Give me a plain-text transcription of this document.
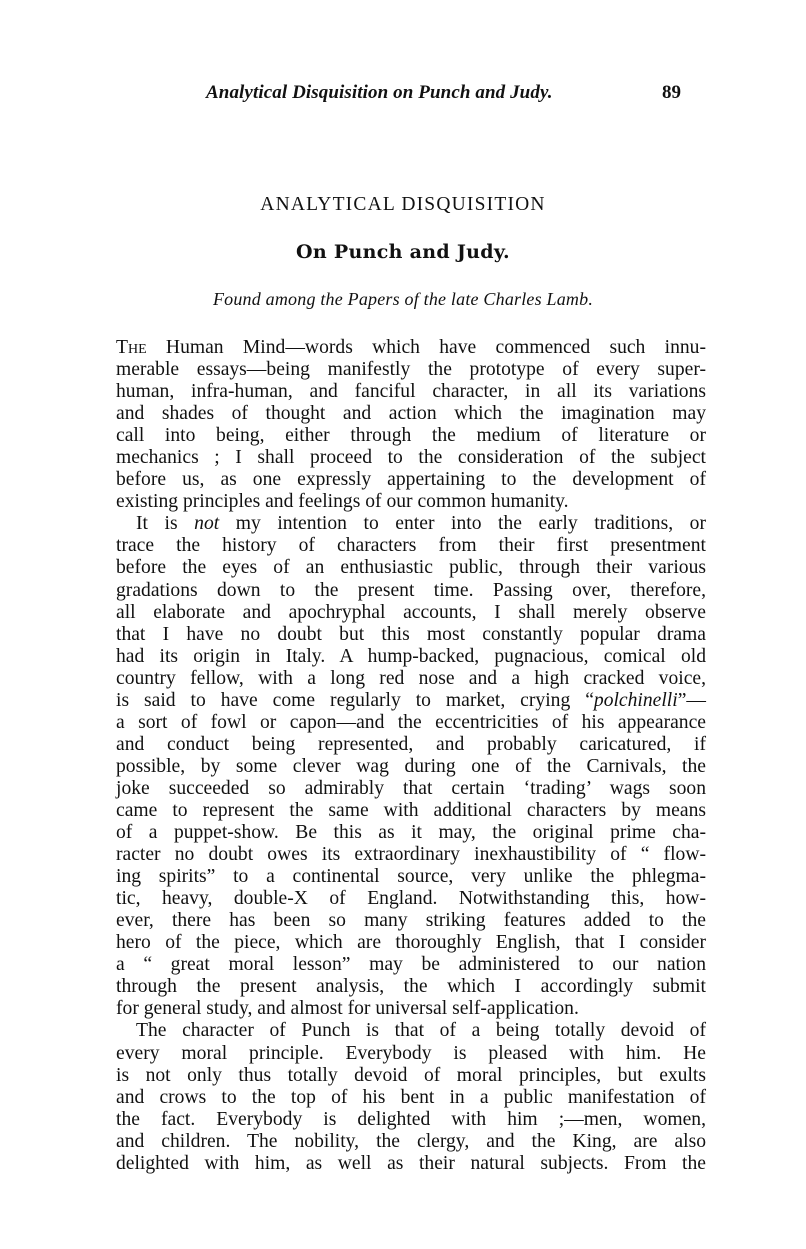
Analytical Disquisition on Punch and Judy.	89
ANALYTICAL DISQUISITION
On Punch and Judy.

Found among the Papers of the late Charles Lamb.

The Human Mind—words which have commenced such innu-
merable essays—being manifestly the prototype of every super-
human, infra-human, and fanciful character, in all its variations
and shades of thought and action which the imagination may
call into being, either through the medium of literature or
mechanics ; I shall proceed to the consideration of the subject
before us, as one expressly appertaining to the development of
existing principles and feelings of our common humanity.
It is not my intention to enter into the early traditions, or
trace the history of characters from their first presentment
before the eyes of an enthusiastic public, through their various
gradations down to the present time. Passing over, therefore,
all elaborate and apochryphal accounts, I shall merely observe
that I have no doubt but this most constantly popular drama
had its origin in Italy. A hump-backed, pugnacious, comical old
country fellow, with a long red nose and a high cracked voice,
is said to have come regularly to market, crying “polchinelli”—
a sort of fowl or capon—and the eccentricities of his appearance
and conduct being represented, and probably caricatured, if
possible, by some clever wag during one of the Carnivals, the
joke succeeded so admirably that certain ‘trading’ wags soon
came to represent the same with additional characters by means
of a puppet-show. Be this as it may, the original prime cha-
racter no doubt owes its extraordinary inexhaustibility of “ flow-
ing spirits” to a continental source, very unlike the phlegma-
tic, heavy, double-X of England. Notwithstanding this, how-
ever, there has been so many striking features added to the
hero of the piece, which are thoroughly English, that I consider
a “ great moral lesson” may be administered to our nation
through the present analysis, the which I accordingly submit
for general study, and almost for universal self-application.
The character of Punch is that of a being totally devoid of
every moral principle. Everybody is pleased with him. He
is not only thus totally devoid of moral principles, but exults
and crows to the top of his bent in a public manifestation of
the fact. Everybody is delighted with him ;—men, women,
and children. The nobility, the clergy, and the King, are also
delighted with him, as well as their natural subjects. From the
